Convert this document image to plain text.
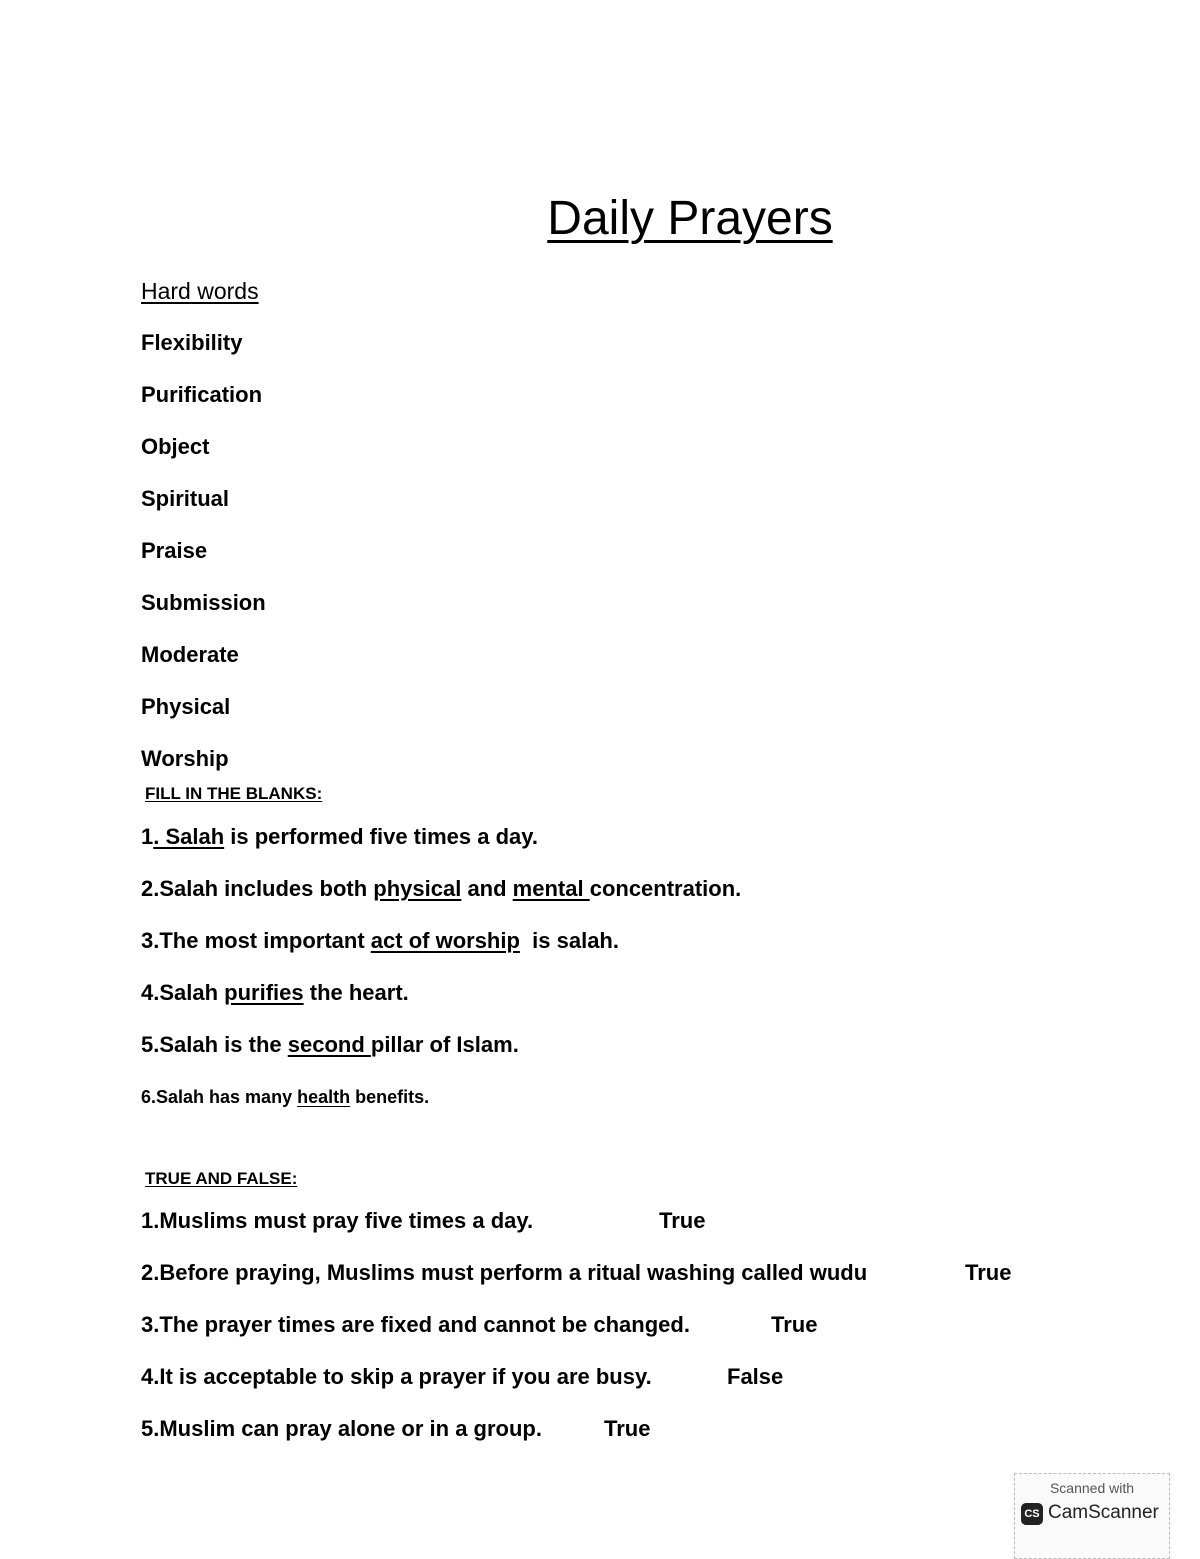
Daily Prayers
Hard words
Flexibility
Purification
Object
Spiritual
Praise
Submission
Moderate
Physical
Worship
FILL IN THE BLANKS:
1. Salah is performed five times a day.
2.Salah includes both physical and mental concentration.
3.The most important act of worship  is salah.
4.Salah purifies the heart.
5.Salah is the second pillar of Islam.
6.Salah has many health benefits.
TRUE AND FALSE:
1.Muslims must pray five times a day.	True
2.Before praying, Muslims must perform a ritual washing called wudu	True
3.The prayer times are fixed and cannot be changed.	True
4.It is acceptable to skip a prayer if you are busy.	False
5.Muslim can pray alone or in a group.	True
Scanned with
CS CamScanner
